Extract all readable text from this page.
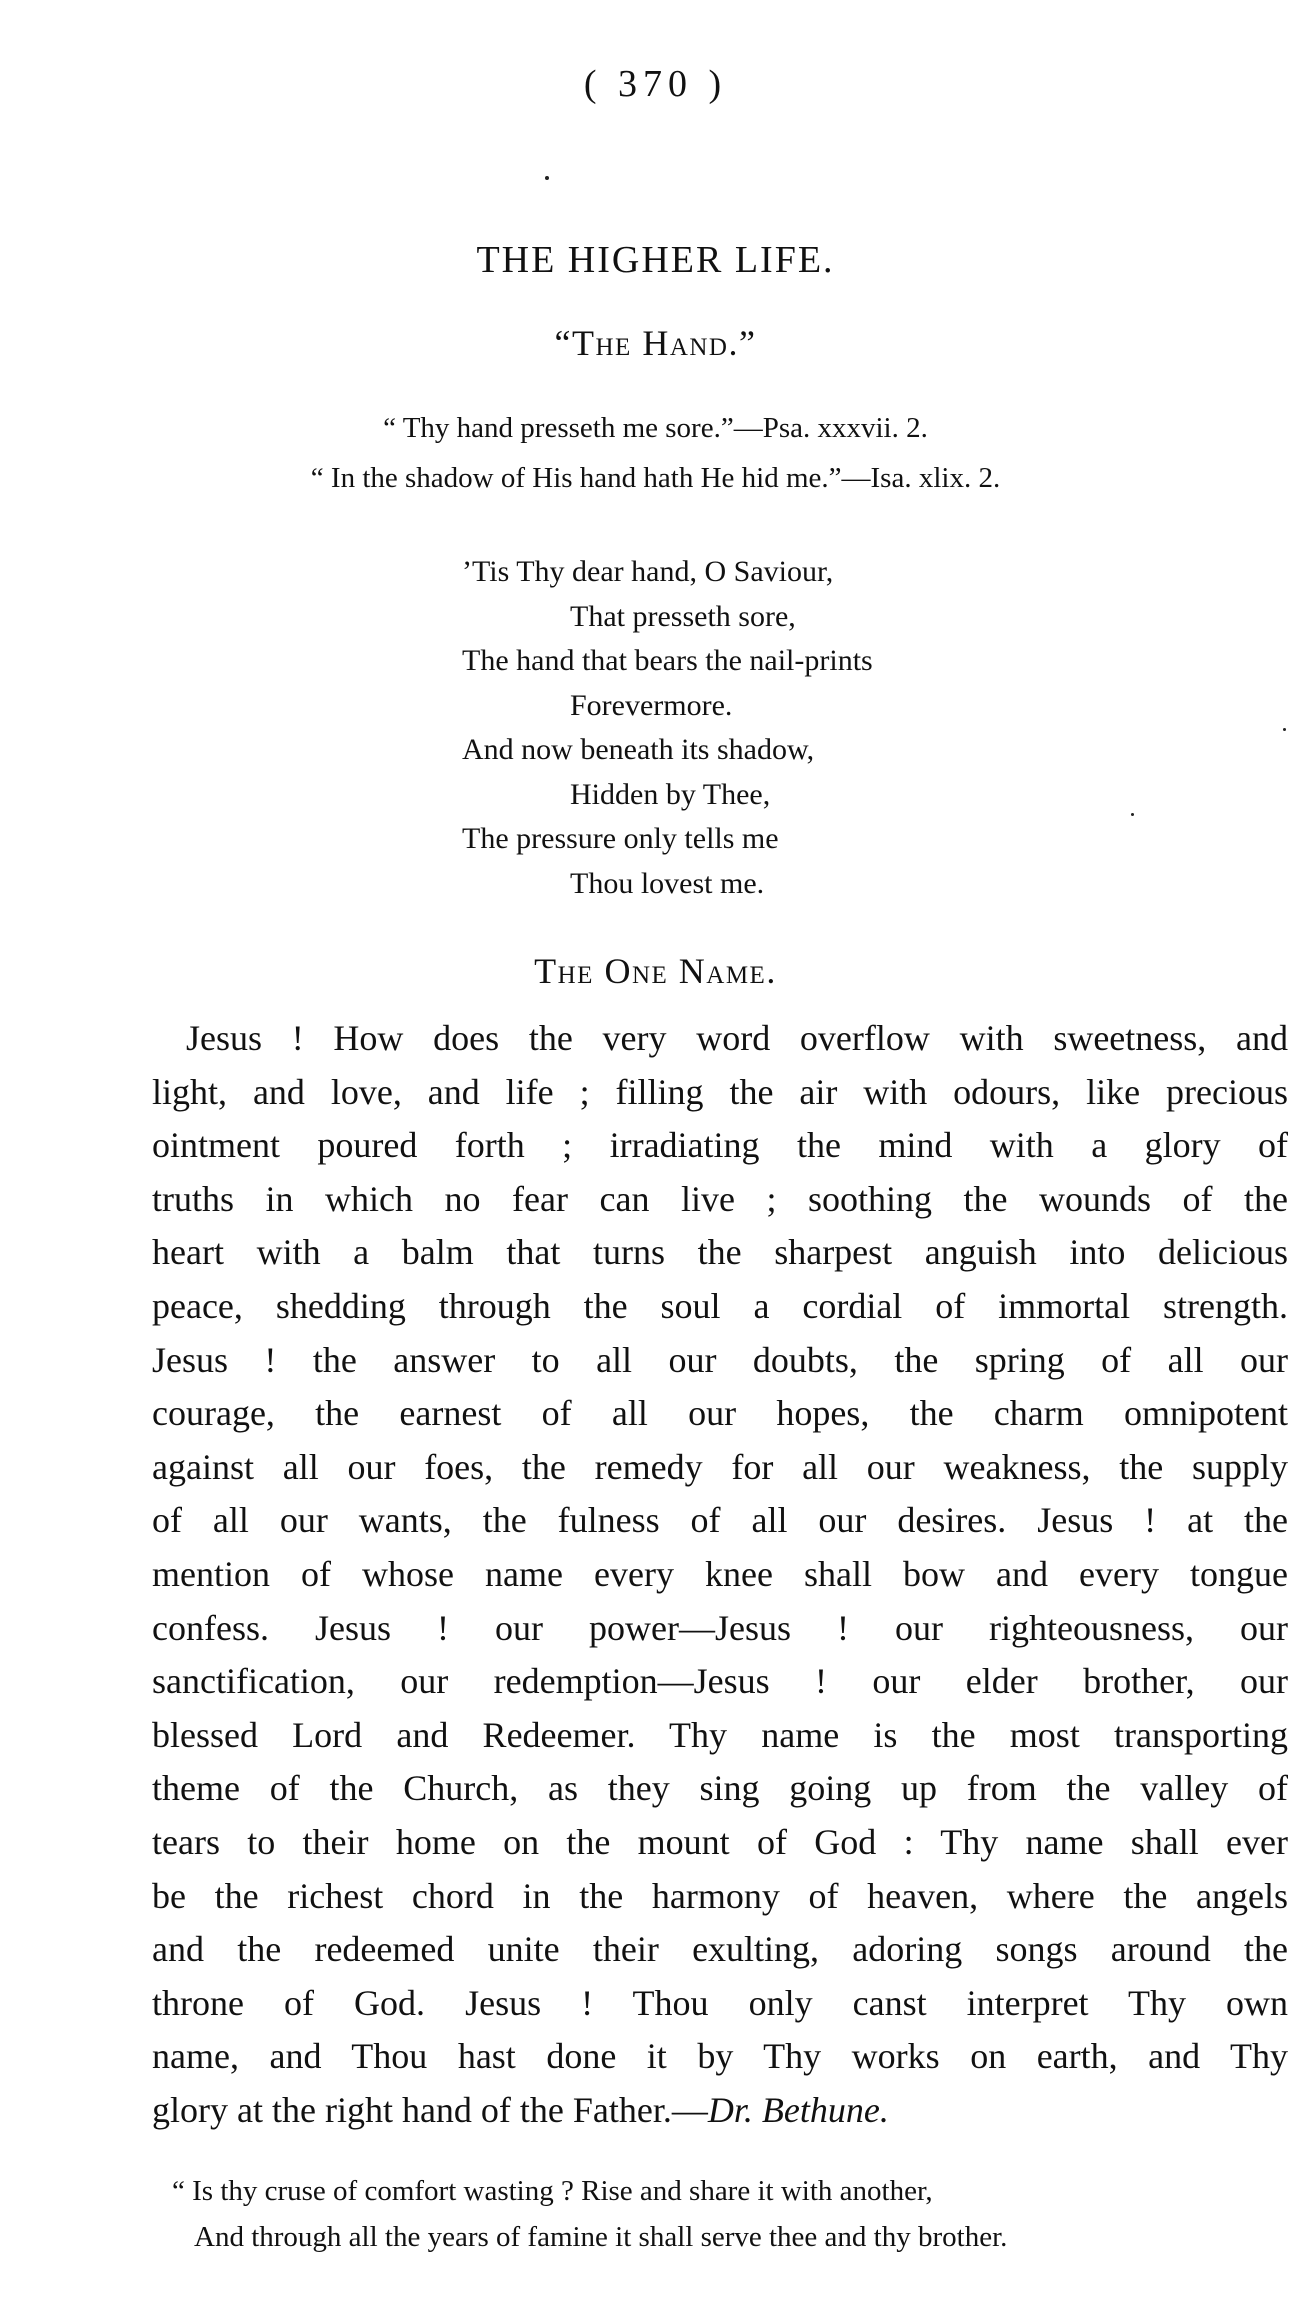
( 370 )
THE HIGHER LIFE.
“The Hand.”
“ Thy hand presseth me sore.”—Psa. xxxvii. 2.
“ In the shadow of His hand hath He hid me.”—Isa. xlix. 2.
’Tis Thy dear hand, O Saviour,
That presseth sore,
The hand that bears the nail-prints
Forevermore.
And now beneath its shadow,
Hidden by Thee,
The pressure only tells me
Thou lovest me.
The One Name.
Jesus ! How does the very word overflow with sweetness, and
light, and love, and life ; filling the air with odours, like precious
ointment poured forth ; irradiating the mind with a glory of
truths in which no fear can live ; soothing the wounds of the
heart with a balm that turns the sharpest anguish into delicious
peace, shedding through the soul a cordial of immortal strength.
Jesus ! the answer to all our doubts, the spring of all our
courage, the earnest of all our hopes, the charm omnipotent
against all our foes, the remedy for all our weakness, the supply
of all our wants, the fulness of all our desires. Jesus ! at the
mention of whose name every knee shall bow and every tongue
confess. Jesus ! our power—Jesus ! our righteousness, our
sanctification, our redemption—Jesus ! our elder brother, our
blessed Lord and Redeemer. Thy name is the most transporting
theme of the Church, as they sing going up from the valley of
tears to their home on the mount of God : Thy name shall ever
be the richest chord in the harmony of heaven, where the angels
and the redeemed unite their exulting, adoring songs around the
throne of God. Jesus ! Thou only canst interpret Thy own
name, and Thou hast done it by Thy works on earth, and Thy
glory at the right hand of the Father.—Dr. Bethune.
“ Is thy cruse of comfort wasting ? Rise and share it with another,
And through all the years of famine it shall serve thee and thy brother.
